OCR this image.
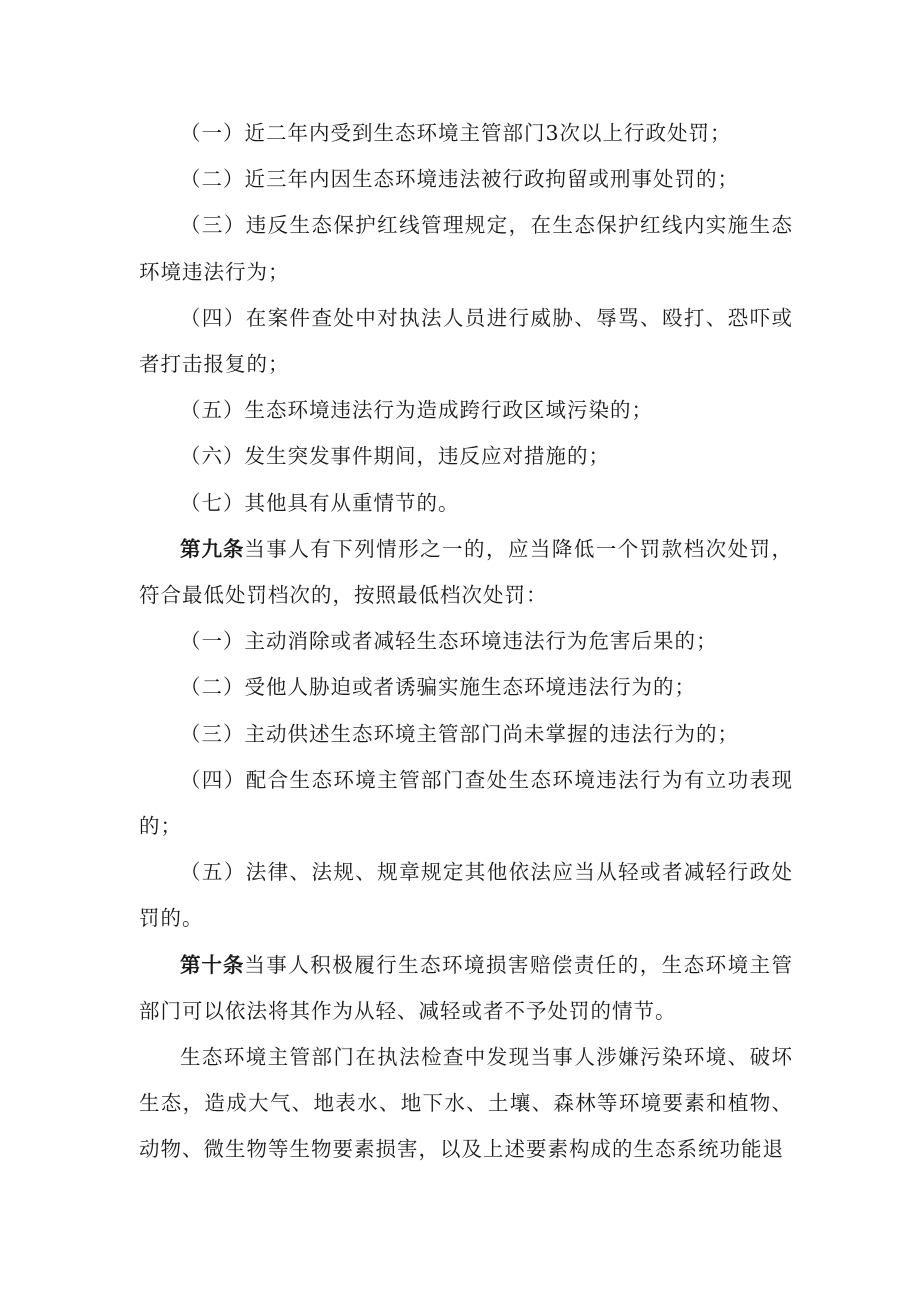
（一）近二年内受到生态环境主管部门3次以上行政处罚；

（二）近三年内因生态环境违法被行政拘留或刑事处罚的；

（三）违反生态保护红线管理规定，在生态保护红线内实施生态环境违法行为；

（四）在案件查处中对执法人员进行威胁、辱骂、殴打、恐吓或者打击报复的；

（五）生态环境违法行为造成跨行政区域污染的；

（六）发生突发事件期间，违反应对措施的；

（七）其他具有从重情节的。

第九条当事人有下列情形之一的，应当降低一个罚款档次处罚，符合最低处罚档次的，按照最低档次处罚：

（一）主动消除或者减轻生态环境违法行为危害后果的；

（二）受他人胁迫或者诱骗实施生态环境违法行为的；

（三）主动供述生态环境主管部门尚未掌握的违法行为的；

（四）配合生态环境主管部门查处生态环境违法行为有立功表现的；

（五）法律、法规、规章规定其他依法应当从轻或者减轻行政处罚的。

第十条当事人积极履行生态环境损害赔偿责任的，生态环境主管部门可以依法将其作为从轻、减轻或者不予处罚的情节。

生态环境主管部门在执法检查中发现当事人涉嫌污染环境、破坏生态，造成大气、地表水、地下水、土壤、森林等环境要素和植物、动物、微生物等生物要素损害，以及上述要素构成的生态系统功能退
